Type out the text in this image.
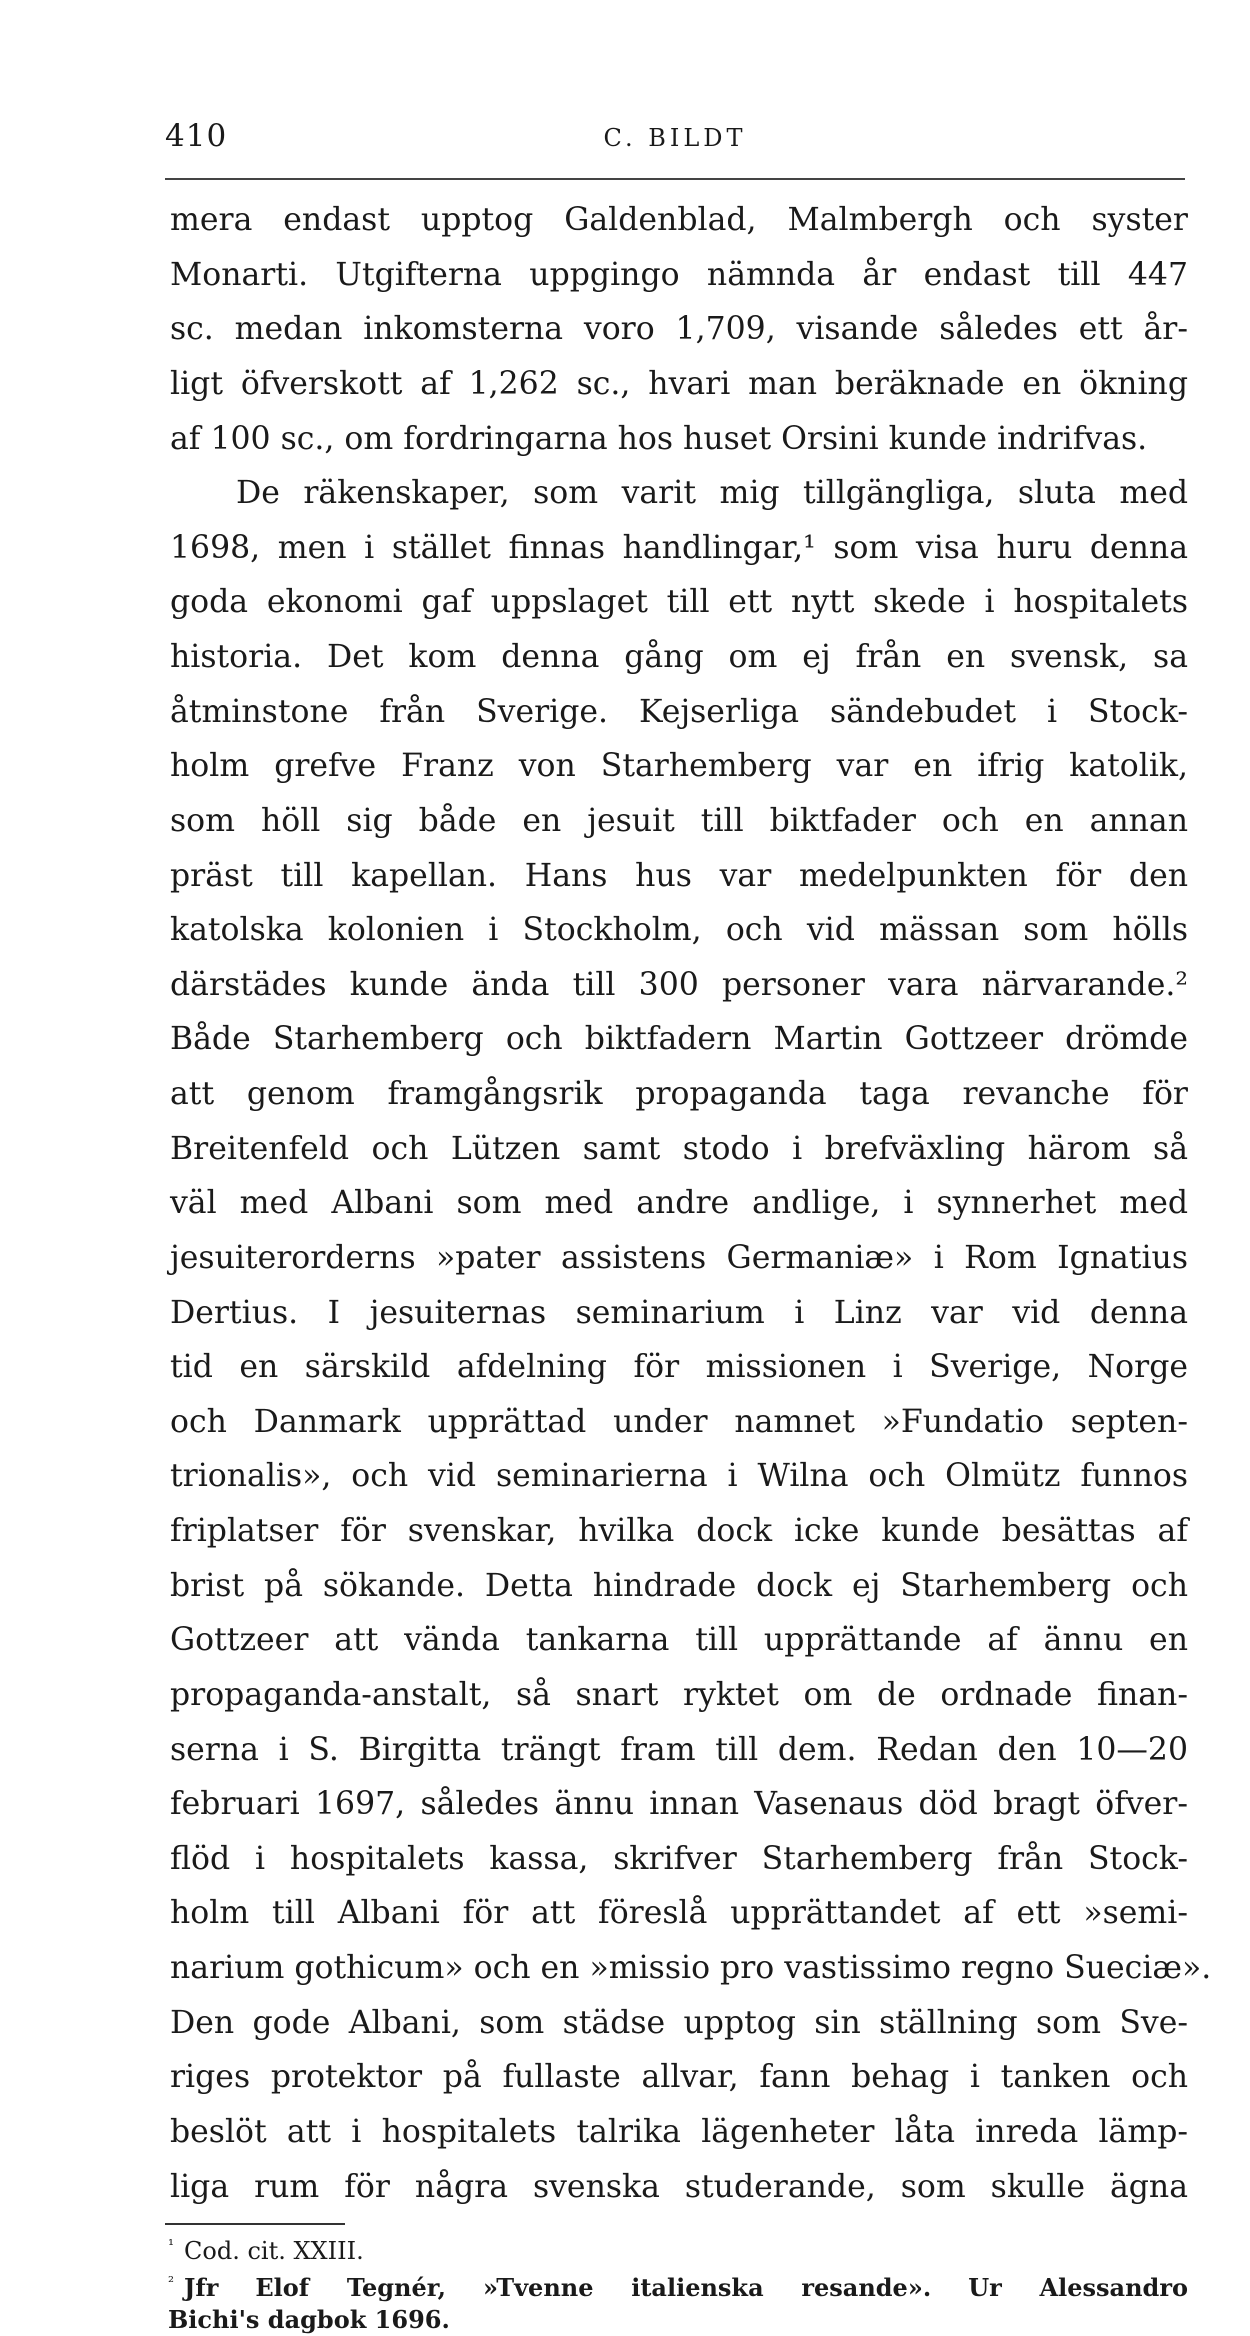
410	C. BILDT
mera endast upptog Galdenblad, Malmbergh och syster
Monarti. Utgifterna uppgingo nämnda år endast till 447
sc. medan inkomsterna voro 1,709, visande således ett år-
ligt öfverskott af 1,262 sc., hvari man beräknade en ökning
af 100 sc., om fordringarna hos huset Orsini kunde indrifvas.
De räkenskaper, som varit mig tillgängliga, sluta med
1698, men i stället finnas handlingar,¹ som visa huru denna
goda ekonomi gaf uppslaget till ett nytt skede i hospitalets
historia. Det kom denna gång om ej från en svensk, sa
åtminstone från Sverige. Kejserliga sändebudet i Stock-
holm grefve Franz von Starhemberg var en ifrig katolik,
som höll sig både en jesuit till biktfader och en annan
präst till kapellan. Hans hus var medelpunkten för den
katolska kolonien i Stockholm, och vid mässan som hölls
därstädes kunde ända till 300 personer vara närvarande.²
Både Starhemberg och biktfadern Martin Gottzeer drömde
att genom framgångsrik propaganda taga revanche för
Breitenfeld och Lützen samt stodo i brefväxling härom så
väl med Albani som med andre andlige, i synnerhet med
jesuiterorderns »pater assistens Germaniæ» i Rom Ignatius
Dertius. I jesuiternas seminarium i Linz var vid denna
tid en särskild afdelning för missionen i Sverige, Norge
och Danmark upprättad under namnet »Fundatio septen-
trionalis», och vid seminarierna i Wilna och Olmütz funnos
friplatser för svenskar, hvilka dock icke kunde besättas af
brist på sökande. Detta hindrade dock ej Starhemberg och
Gottzeer att vända tankarna till upprättande af ännu en
propaganda-anstalt, så snart ryktet om de ordnade finan-
serna i S. Birgitta trängt fram till dem. Redan den 10—20
februari 1697, således ännu innan Vasenaus död bragt öfver-
flöd i hospitalets kassa, skrifver Starhemberg från Stock-
holm till Albani för att föreslå upprättandet af ett »semi-
narium gothicum» och en »missio pro vastissimo regno Sueciæ».
Den gode Albani, som städse upptog sin ställning som Sve-
riges protektor på fullaste allvar, fann behag i tanken och
beslöt att i hospitalets talrika lägenheter låta inreda lämp-
liga rum för några svenska studerande, som skulle ägna
$^{^1}$ Cod. cit. XXIII.
$^{^2}$ Jfr Elof Tegnér, »Tvenne italienska resande». Ur Alessandro
Bichi's dagbok 1696.
